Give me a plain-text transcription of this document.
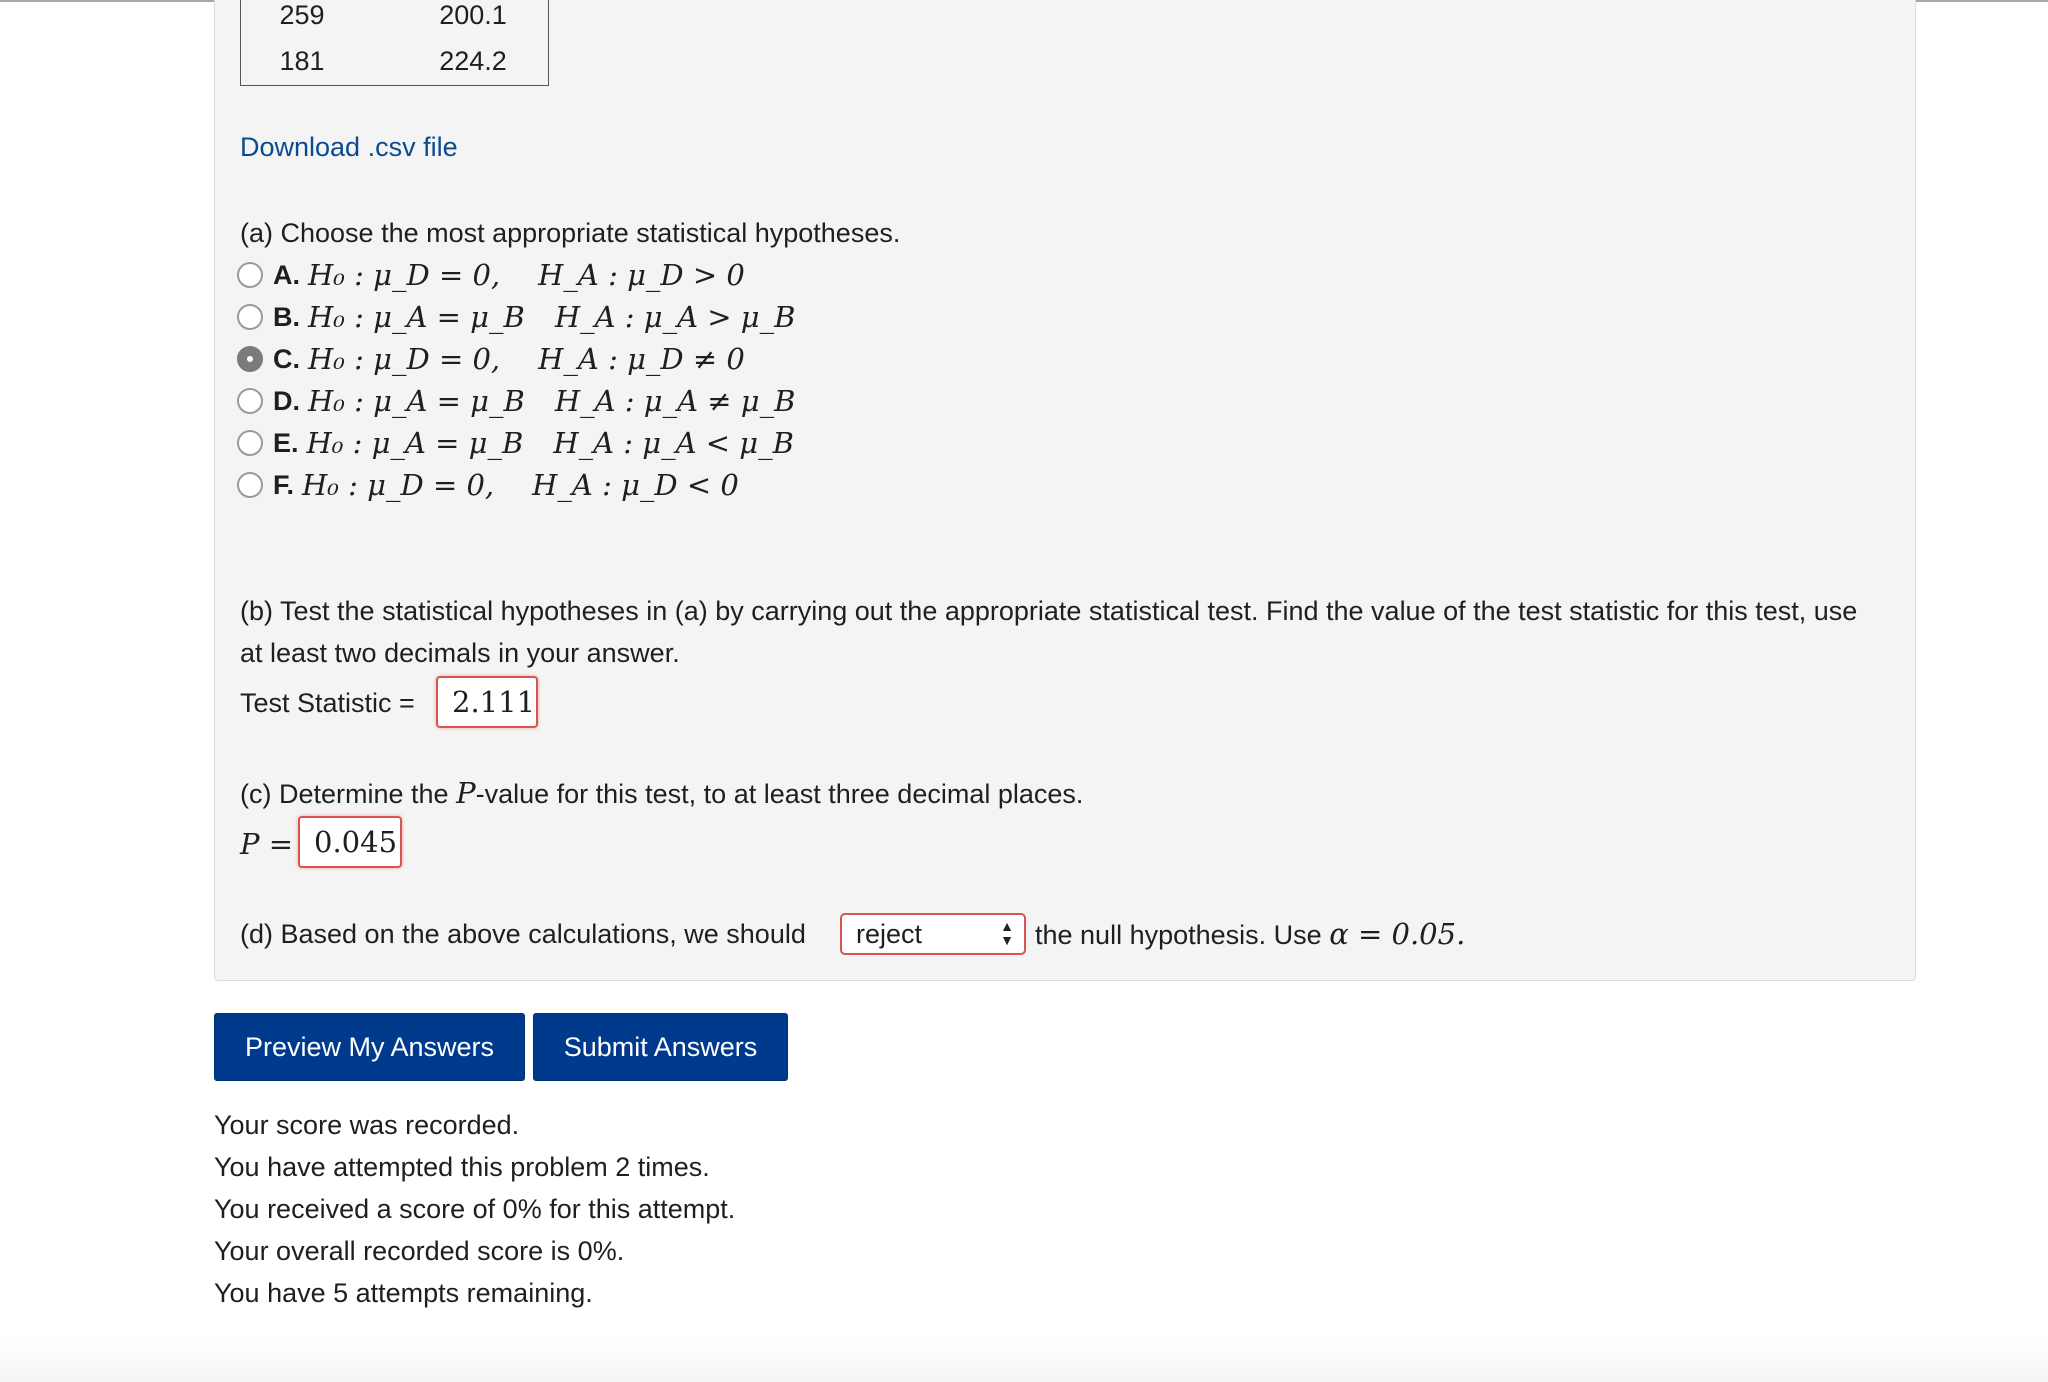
259	200.1
181	224.2
Download .csv file
(a) Choose the most appropriate statistical hypotheses.
A. H₀ : μ_D = 0, H_A : μ_D > 0
B. H₀ : μ_A = μ_B H_A : μ_A > μ_B
C. H₀ : μ_D = 0, H_A : μ_D ≠ 0
D. H₀ : μ_A = μ_B H_A : μ_A ≠ μ_B
E. H₀ : μ_A = μ_B H_A : μ_A < μ_B
F. H₀ : μ_D = 0, H_A : μ_D < 0
(b) Test the statistical hypotheses in (a) by carrying out the appropriate statistical test. Find the value of the test statistic for this test, use at least two decimals in your answer.
Test Statistic =	2.111
(c) Determine the P-value for this test, to at least three decimal places.
P = 0.045
(d) Based on the above calculations, we should reject	▲
▼ the null hypothesis. Use α = 0.05.
Preview My Answers	Submit Answers
Your score was recorded.
You have attempted this problem 2 times.
You received a score of 0% for this attempt.
Your overall recorded score is 0%.
You have 5 attempts remaining.
